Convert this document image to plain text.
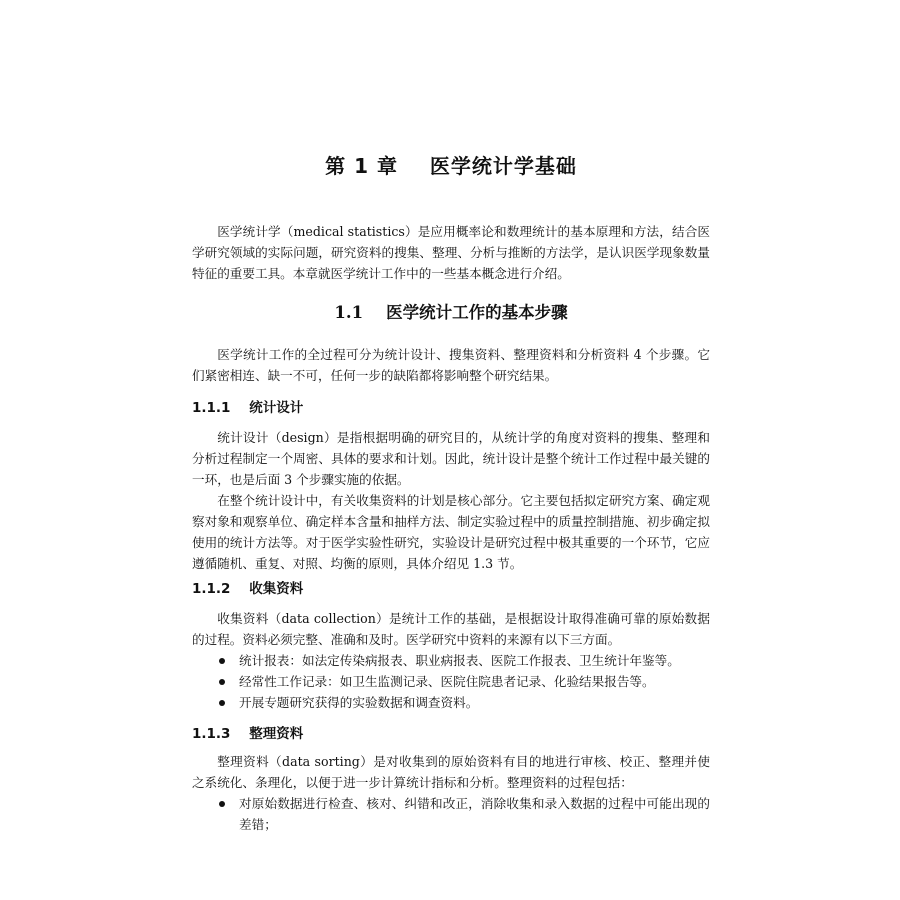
第 1 章    医学统计学基础

医学统计学（medical statistics）是应用概率论和数理统计的基本原理和方法，结合医学研究领域的实际问题，研究资料的搜集、整理、分析与推断的方法学，是认识医学现象数量特征的重要工具。本章就医学统计工作中的一些基本概念进行介绍。

1.1    医学统计工作的基本步骤

医学统计工作的全过程可分为统计设计、搜集资料、整理资料和分析资料 4 个步骤。它们紧密相连、缺一不可，任何一步的缺陷都将影响整个研究结果。

1.1.1    统计设计

统计设计（design）是指根据明确的研究目的，从统计学的角度对资料的搜集、整理和分析过程制定一个周密、具体的要求和计划。因此，统计设计是整个统计工作过程中最关键的一环，也是后面 3 个步骤实施的依据。

在整个统计设计中，有关收集资料的计划是核心部分。它主要包括拟定研究方案、确定观察对象和观察单位、确定样本含量和抽样方法、制定实验过程中的质量控制措施、初步确定拟使用的统计方法等。对于医学实验性研究，实验设计是研究过程中极其重要的一个环节，它应遵循随机、重复、对照、均衡的原则，具体介绍见 1.3 节。

1.1.2    收集资料

收集资料（data collection）是统计工作的基础，是根据设计取得准确可靠的原始数据的过程。资料必须完整、准确和及时。医学研究中资料的来源有以下三方面。

统计报表：如法定传染病报表、职业病报表、医院工作报表、卫生统计年鉴等。
经常性工作记录：如卫生监测记录、医院住院患者记录、化验结果报告等。
开展专题研究获得的实验数据和调查资料。
1.1.3    整理资料

整理资料（data sorting）是对收集到的原始资料有目的地进行审核、校正、整理并使之系统化、条理化，以便于进一步计算统计指标和分析。整理资料的过程包括：

对原始数据进行检查、核对、纠错和改正，消除收集和录入数据的过程中可能出现的差错；
